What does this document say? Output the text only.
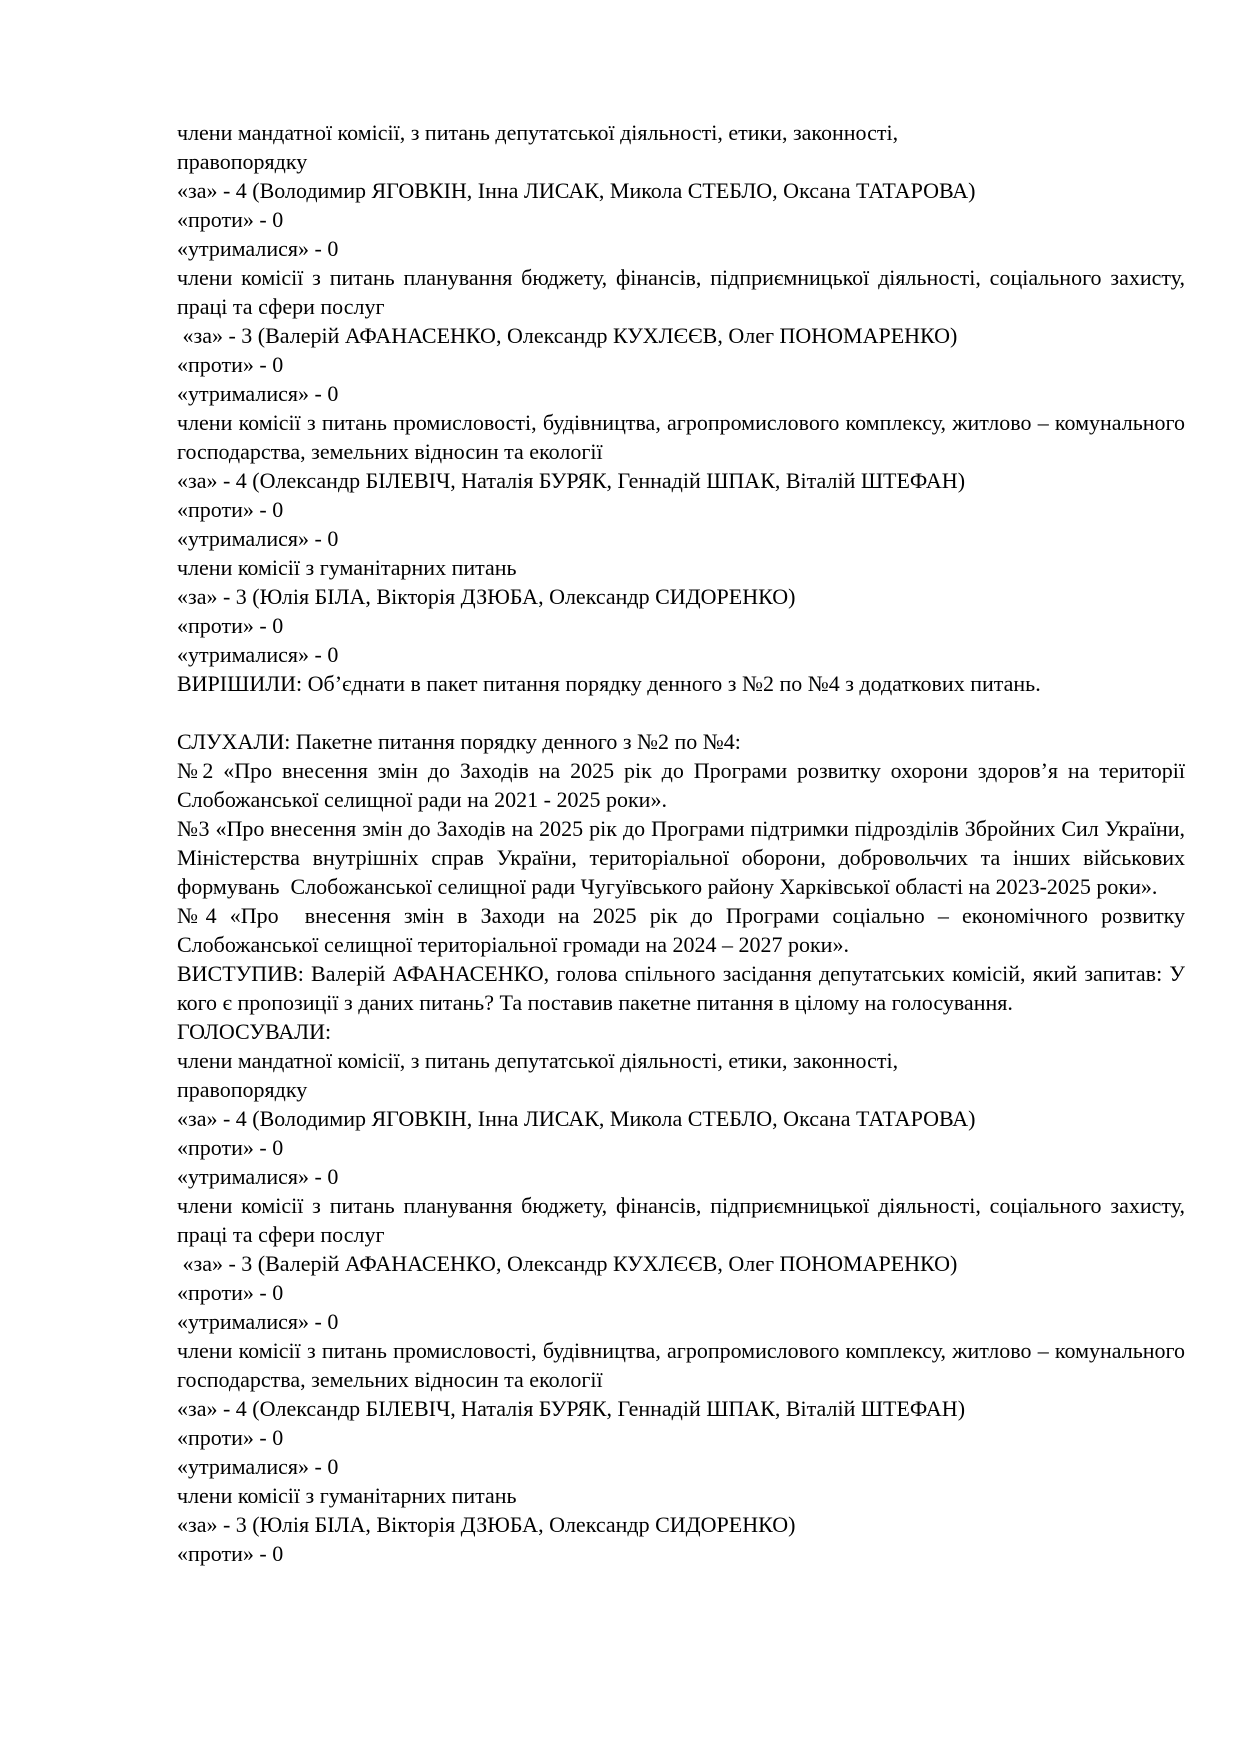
члени мандатної комісії, з питань депутатської діяльності, етики, законності,

правопорядку

«за» - 4 (Володимир ЯГОВКІН, Інна ЛИСАК, Микола СТЕБЛО, Оксана ТАТАРОВА)

«проти» - 0

«утрималися» - 0

члени комісії з питань планування бюджету, фінансів, підприємницької діяльності, соціального захисту, праці та сфери послуг

«за» - 3 (Валерій АФАНАСЕНКО, Олександр КУХЛЄЄВ, Олег ПОНОМАРЕНКО)

«проти» - 0

«утрималися» - 0

члени комісії з питань промисловості, будівництва, агропромислового комплексу, житлово – комунального господарства, земельних відносин та екології

«за» - 4 (Олександр БІЛЕВІЧ, Наталія БУРЯК, Геннадій ШПАК, Віталій ШТЕФАН)

«проти» - 0

«утрималися» - 0

члени комісії з гуманітарних питань

«за» - 3 (Юлія БІЛА, Вікторія ДЗЮБА, Олександр СИДОРЕНКО)

«проти» - 0

«утрималися» - 0

ВИРІШИЛИ: Об’єднати в пакет питання порядку денного з №2 по №4 з додаткових питань.

СЛУХАЛИ: Пакетне питання порядку денного з №2 по №4:

№2 «Про внесення змін до Заходів на 2025 рік до Програми розвитку охорони здоров’я на території Слобожанської селищної ради на 2021 - 2025 роки».

№3 «Про внесення змін до Заходів на 2025 рік до Програми підтримки підрозділів Збройних Сил України, Міністерства внутрішніх справ України, територіальної оборони, добровольчих та інших військових формувань  Слобожанської селищної ради Чугуївського району Харківської області на 2023-2025 роки».

№4 «Про  внесення змін в Заходи на 2025 рік до Програми соціально – економічного розвитку Слобожанської селищної територіальної громади на 2024 – 2027 роки».

ВИСТУПИВ: Валерій АФАНАСЕНКО, голова спільного засідання депутатських комісій, який запитав: У кого є пропозиції з даних питань? Та поставив пакетне питання в цілому на голосування.

ГОЛОСУВАЛИ:

члени мандатної комісії, з питань депутатської діяльності, етики, законності,

правопорядку

«за» - 4 (Володимир ЯГОВКІН, Інна ЛИСАК, Микола СТЕБЛО, Оксана ТАТАРОВА)

«проти» - 0

«утрималися» - 0

члени комісії з питань планування бюджету, фінансів, підприємницької діяльності, соціального захисту, праці та сфери послуг

«за» - 3 (Валерій АФАНАСЕНКО, Олександр КУХЛЄЄВ, Олег ПОНОМАРЕНКО)

«проти» - 0

«утрималися» - 0

члени комісії з питань промисловості, будівництва, агропромислового комплексу, житлово – комунального господарства, земельних відносин та екології

«за» - 4 (Олександр БІЛЕВІЧ, Наталія БУРЯК, Геннадій ШПАК, Віталій ШТЕФАН)

«проти» - 0

«утрималися» - 0

члени комісії з гуманітарних питань

«за» - 3 (Юлія БІЛА, Вікторія ДЗЮБА, Олександр СИДОРЕНКО)

«проти» - 0
